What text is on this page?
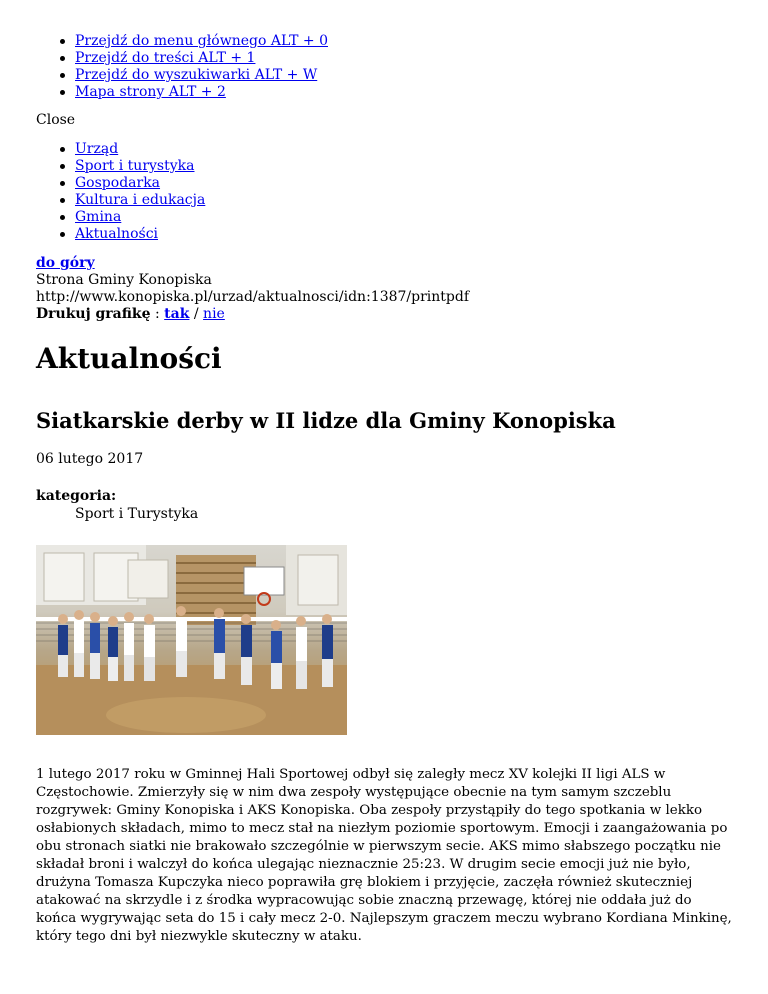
Przejdź do menu głównego ALT + 0
Przejdź do treści ALT + 1
Przejdź do wyszukiwarki ALT + W
Mapa strony ALT + 2
Close
Urząd
Sport i turystyka
Gospodarka
Kultura i edukacja
Gmina
Aktualności
do góry
Strona Gminy Konopiska
http://www.konopiska.pl/urzad/aktualnosci/idn:1387/printpdf
Drukuj grafikę : tak / nie
Aktualności
Siatkarskie derby w II lidze dla Gminy Konopiska
06 lutego 2017
kategoria:
Sport i Turystyka
1 lutego 2017 roku w Gminnej Hali Sportowej odbył się zaległy mecz XV kolejki II ligi ALS w Częstochowie. Zmierzyły się w nim dwa zespoły występujące obecnie na tym samym szczeblu rozgrywek: Gminy Konopiska i AKS Konopiska. Oba zespoły przystąpiły do tego spotkania w lekko osłabionych składach, mimo to mecz stał na niezłym poziomie sportowym. Emocji i zaangażowania po obu stronach siatki nie brakowało szczególnie w pierwszym secie. AKS mimo słabszego początku nie składał broni i walczył do końca ulegając nieznacznie 25:23. W drugim secie emocji już nie było, drużyna Tomasza Kupczyka nieco poprawiła grę blokiem i przyjęcie, zaczęła również skuteczniej atakować na skrzydle i z środka wypracowując sobie znaczną przewagę, której nie oddała już do końca wygrywając seta do 15 i cały mecz 2-0. Najlepszym graczem meczu wybrano Kordiana Minkinę, który tego dni był niezwykle skuteczny w ataku.
